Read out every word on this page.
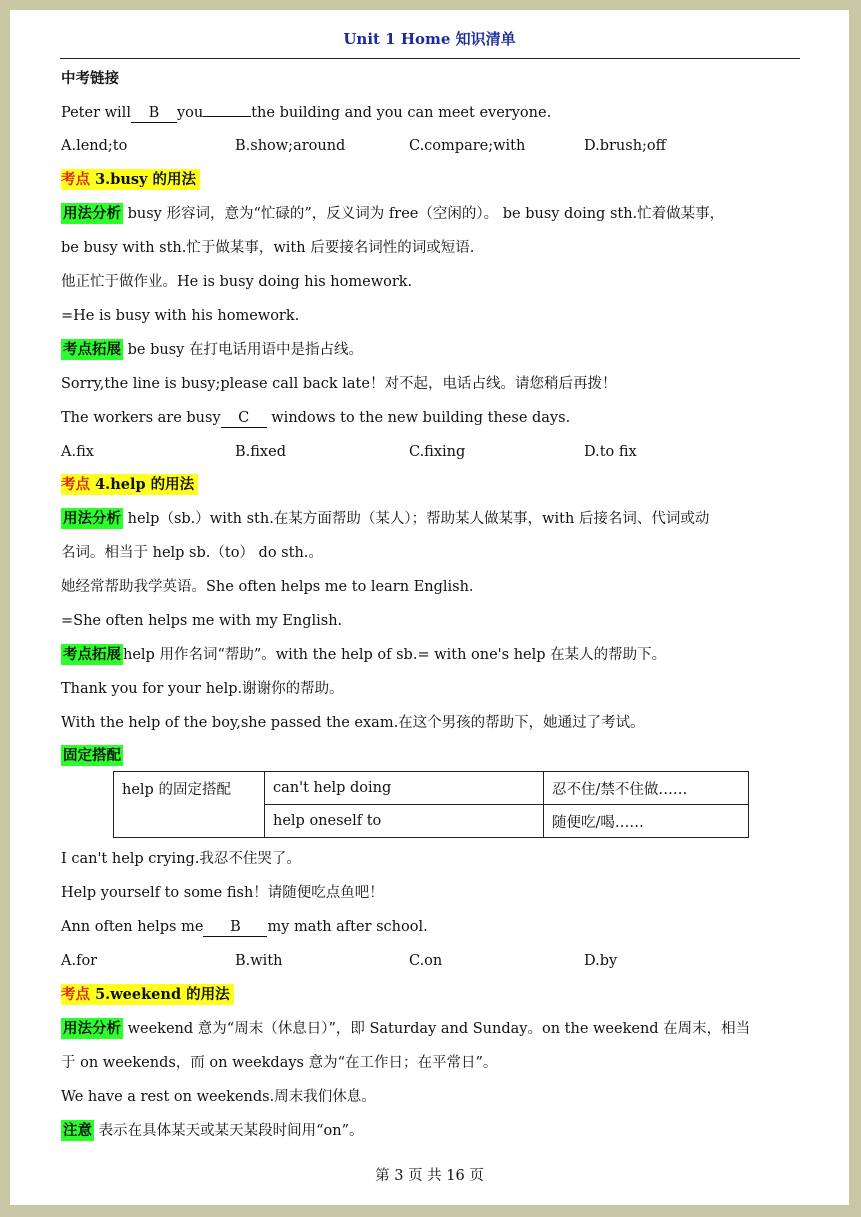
Unit 1 Home 知识清单
中考链接
Peter will B you	the building and you can meet everyone.
A.lend;to	B.show;around	C.compare;with	D.brush;off
考点 3.busy 的用法
用法分析 busy 形容词，意为“忙碌的”，反义词为 free（空闲的）。 be busy doing sth.忙着做某事，
be busy with sth.忙于做某事，with 后要接名词性的词或短语.
他正忙于做作业。He is busy doing his homework.
=He is busy with his homework.
考点拓展 be busy 在打电话用语中是指占线。
Sorry,the line is busy;please call back late！对不起，电话占线。请您稍后再拨！
The workers are busy C windows to the new building these days.
A.fix	B.fixed	C.fixing	D.to fix
考点 4.help 的用法
用法分析 help（sb.）with sth.在某方面帮助（某人）；帮助某人做某事，with 后接名词、代词或动
名词。相当于 help sb.（to） do sth.。
她经常帮助我学英语。She often helps me to learn English.
=She often helps me with my English.
考点拓展 help 用作名词“帮助”。with the help of sb.= with one's help 在某人的帮助下。
Thank you for your help.谢谢你的帮助。
With the help of the boy,she passed the exam.在这个男孩的帮助下，她通过了考试。
固定搭配
help 的固定搭配	can't help doing	忍不住/禁不住做……
	help oneself to	随便吃/喝……
I can't help crying.我忍不住哭了。
Help yourself to some fish！请随便吃点鱼吧！
Ann often helps me B my math after school.
A.for	B.with	C.on	D.by
考点 5.weekend 的用法
用法分析 weekend 意为“周末（休息日）”，即 Saturday and Sunday。on the weekend 在周末，相当
于 on weekends，而 on weekdays 意为“在工作日；在平常日”。
We have a rest on weekends.周末我们休息。
注意 表示在具体某天或某天某段时间用“on”。
第 3 页 共 16 页
